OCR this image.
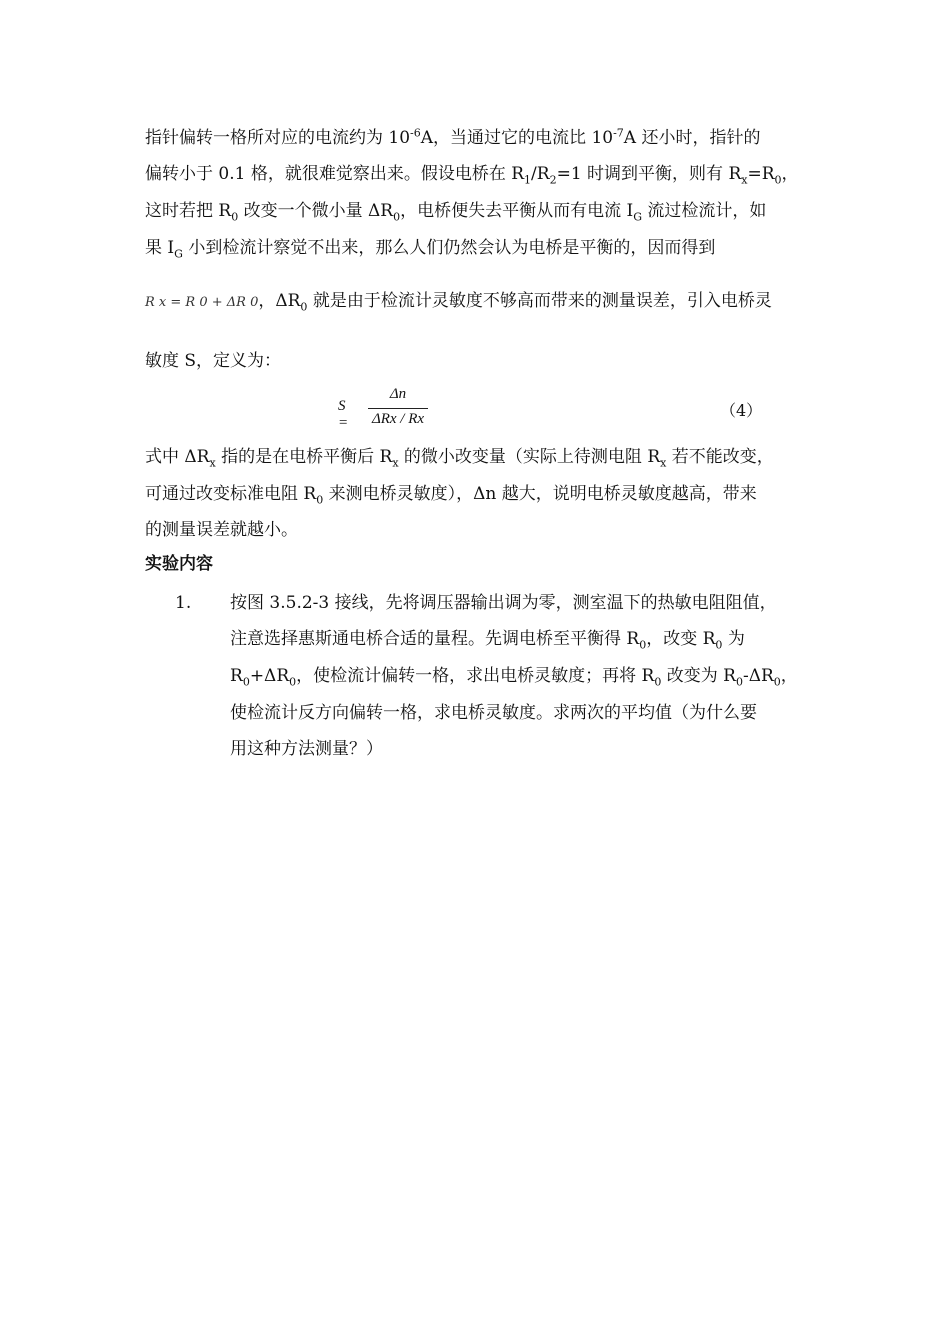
指针偏转一格所对应的电流约为 $10^{-6}A$，当通过它的电流比 $10^{-7}A$ 还小时，指针的
偏转小于 0.1 格，就很难觉察出来。假设电桥在 $R_1/R_2=1$ 时调到平衡，则有 $R_x=R_0$，
这时若把 $R_0$ 改变一个微小量 $\Delta R_0$，电桥便失去平衡从而有电流 $I_G$ 流过检流计，如
果 $I_G$ 小到检流计察觉不出来，那么人们仍然会认为电桥是平衡的，因而得到
R x = R 0 + ΔR 0，$\Delta R_0$ 就是由于检流计灵敏度不够高而带来的测量误差，引入电桥灵
敏度 S，定义为：
S =
Δn
ΔRx / Rx	（4）
式中 $\Delta R_x$ 指的是在电桥平衡后 $R_x$ 的微小改变量（实际上待测电阻 $R_x$ 若不能改变，
可通过改变标准电阻 $R_0$ 来测电桥灵敏度），Δn 越大，说明电桥灵敏度越高，带来
的测量误差就越小。
实验内容
1. 按图 3.5.2-3 接线，先将调压器输出调为零，测室温下的热敏电阻阻值，
注意选择惠斯通电桥合适的量程。先调电桥至平衡得 $R_0$，改变 $R_0$ 为
$R_0+\Delta R_0$，使检流计偏转一格，求出电桥灵敏度；再将 $R_0$ 改变为 $R_0-\Delta R_0$，
使检流计反方向偏转一格，求电桥灵敏度。求两次的平均值（为什么要
用这种方法测量？）
